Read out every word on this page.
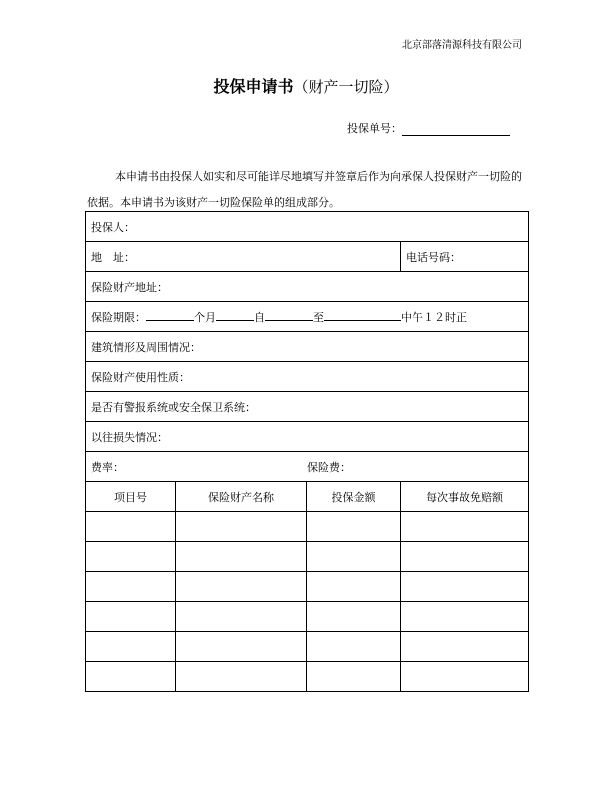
北京部落清源科技有限公司
投保申请书（财产一切险）
投保单号：
本申请书由投保人如实和尽可能详尽地填写并签章后作为向承保人投保财产一切险的依据。本申请书为该财产一切险保险单的组成部分。
投保人：			
地　址：			电话号码：
保险财产地址：			
保险期限： 个月 自 至 中午１２时正			
建筑情形及周围情况：			
保险财产使用性质：			
是否有警报系统或安全保卫系统：			
以往损失情况：			
费率： 保险费：			
项目号	保险财产名称	投保金额	每次事故免赔额
